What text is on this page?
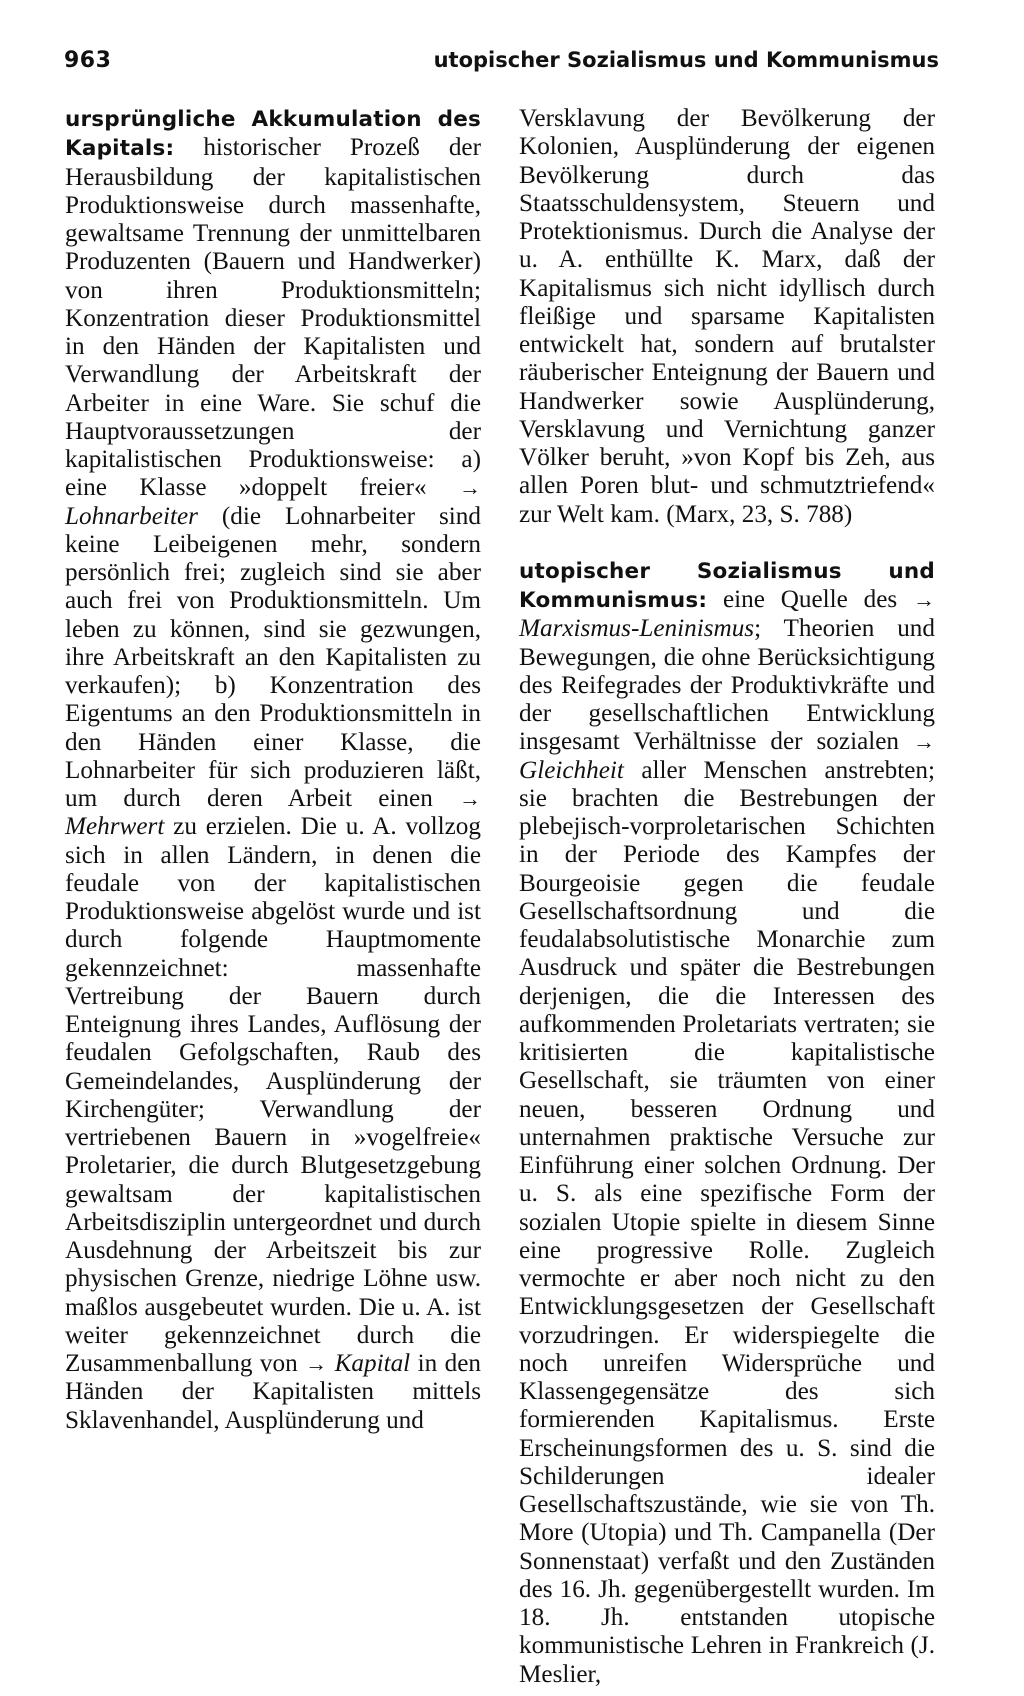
963	utopischer Sozialismus und Kommunismus

ursprüngliche Akkumulation des Kapitals: historischer Prozeß der Herausbildung der kapitalistischen Produktionsweise durch massenhafte, gewaltsame Trennung der unmittelbaren Produzenten (Bauern und Handwerker) von ihren Produktionsmitteln; Konzentration dieser Produktionsmittel in den Händen der Kapitalisten und Verwandlung der Arbeitskraft der Arbeiter in eine Ware. Sie schuf die Hauptvoraussetzungen der kapitalistischen Produktionsweise: a) eine Klasse »doppelt freier« → Lohnarbeiter (die Lohnarbeiter sind keine Leibeigenen mehr, sondern persönlich frei; zugleich sind sie aber auch frei von Produktionsmitteln. Um leben zu können, sind sie gezwungen, ihre Arbeitskraft an den Kapitalisten zu verkaufen); b) Konzentration des Eigentums an den Produktionsmitteln in den Händen einer Klasse, die Lohnarbeiter für sich produzieren läßt, um durch deren Arbeit einen → Mehrwert zu erzielen. Die u. A. vollzog sich in allen Ländern, in denen die feudale von der kapitalistischen Produktionsweise abgelöst wurde und ist durch folgende Hauptmomente gekennzeichnet: massenhafte Vertreibung der Bauern durch Enteignung ihres Landes, Auflösung der feudalen Gefolgschaften, Raub des Gemeindelandes, Ausplünderung der Kirchengüter; Verwandlung der vertriebenen Bauern in »vogelfreie« Proletarier, die durch Blutgesetzgebung gewaltsam der kapitalistischen Arbeitsdisziplin untergeordnet und durch Ausdehnung der Arbeitszeit bis zur physischen Grenze, niedrige Löhne usw. maßlos ausgebeutet wurden. Die u. A. ist weiter gekennzeichnet durch die Zusammenballung von → Kapital in den Händen der Kapitalisten mittels Sklavenhandel, Ausplünderung und

Versklavung der Bevölkerung der Kolonien, Ausplünderung der eigenen Bevölkerung durch das Staatsschuldensystem, Steuern und Protektionismus. Durch die Analyse der u. A. enthüllte K. Marx, daß der Kapitalismus sich nicht idyllisch durch fleißige und sparsame Kapitalisten entwickelt hat, sondern auf brutalster räuberischer Enteignung der Bauern und Handwerker sowie Ausplünderung, Versklavung und Vernichtung ganzer Völker beruht, »von Kopf bis Zeh, aus allen Poren blut- und schmutztriefend« zur Welt kam. (Marx, 23, S. 788)

utopischer Sozialismus und Kommunismus: eine Quelle des → Marxismus-Leninismus; Theorien und Bewegungen, die ohne Berücksichtigung des Reifegrades der Produktivkräfte und der gesellschaftlichen Entwicklung insgesamt Verhältnisse der sozialen → Gleichheit aller Menschen anstrebten; sie brachten die Bestrebungen der plebejisch-vorproletarischen Schichten in der Periode des Kampfes der Bourgeoisie gegen die feudale Gesellschaftsordnung und die feudalabsolutistische Monarchie zum Ausdruck und später die Bestrebungen derjenigen, die die Interessen des aufkommenden Proletariats vertraten; sie kritisierten die kapitalistische Gesellschaft, sie träumten von einer neuen, besseren Ordnung und unternahmen praktische Versuche zur Einführung einer solchen Ordnung. Der u. S. als eine spezifische Form der sozialen Utopie spielte in diesem Sinne eine progressive Rolle. Zugleich vermochte er aber noch nicht zu den Entwicklungsgesetzen der Gesellschaft vorzudringen. Er widerspiegelte die noch unreifen Widersprüche und Klassengegensätze des sich formierenden Kapitalismus. Erste Erscheinungsformen des u. S. sind die Schilderungen idealer Gesellschaftszustände, wie sie von Th. More (Utopia) und Th. Campanella (Der Sonnenstaat) verfaßt und den Zuständen des 16. Jh. gegenübergestellt wurden. Im 18. Jh. entstanden utopische kommunistische Lehren in Frankreich (J. Meslier,
